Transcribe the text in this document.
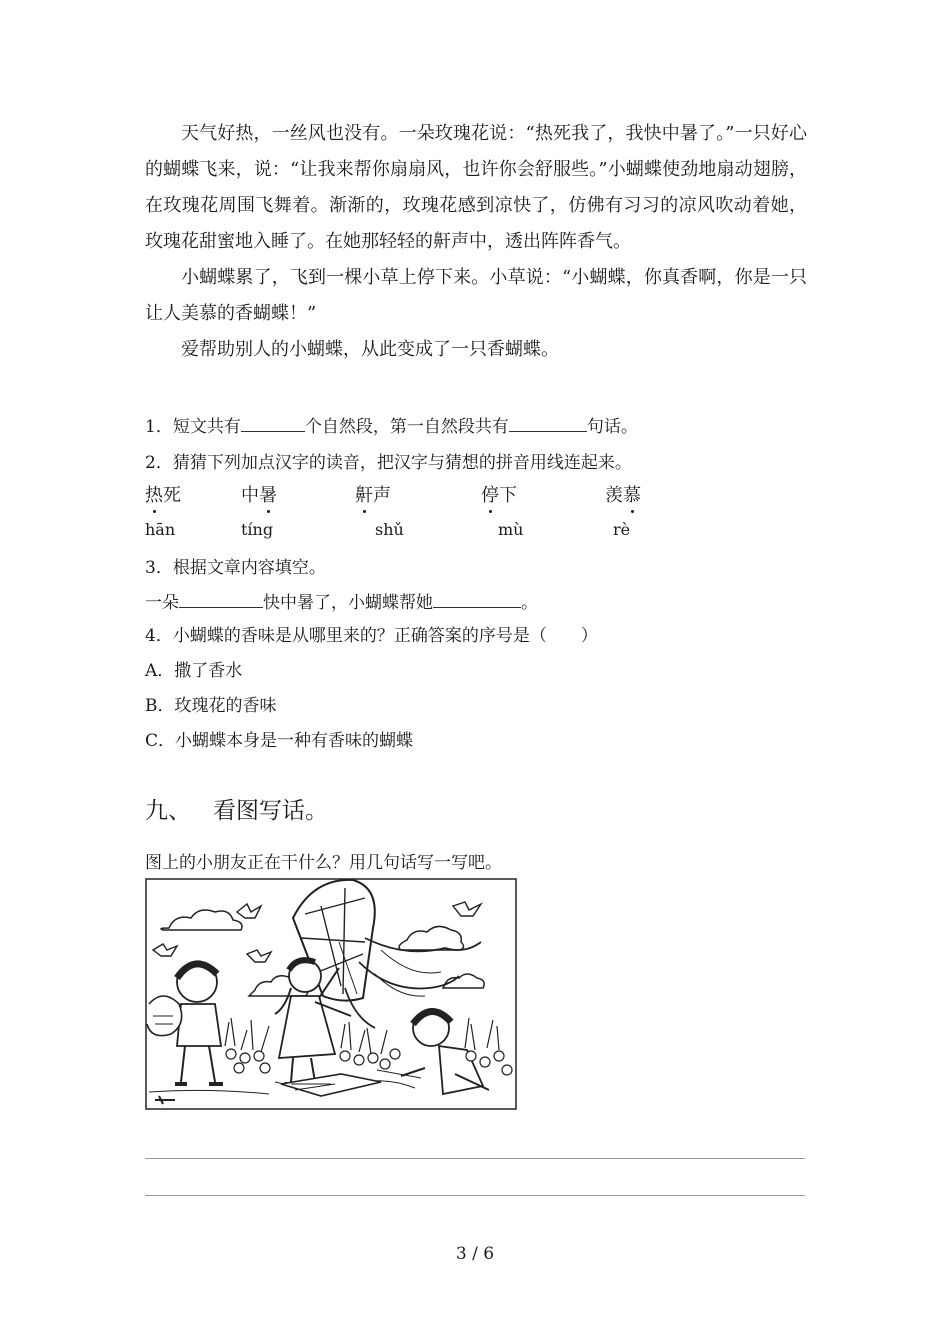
天气好热，一丝风也没有。一朵玫瑰花说：“热死我了，我快中暑了。”一只好心的蝴蝶飞来，说：“让我来帮你扇扇风，也许你会舒服些。”小蝴蝶使劲地扇动翅膀，在玫瑰花周围飞舞着。渐渐的，玫瑰花感到凉快了，仿佛有习习的凉风吹动着她，玫瑰花甜蜜地入睡了。在她那轻轻的鼾声中，透出阵阵香气。

小蝴蝶累了，飞到一棵小草上停下来。小草说：“小蝴蝶，你真香啊，你是一只让人美慕的香蝴蝶！”

爱帮助别人的小蝴蝶，从此变成了一只香蝴蝶。

1．短文共有	个自然段，第一自然段共有	句话。
2．猜猜下列加点汉字的读音，把汉字与猜想的拼音用线连起来。
热死	中暑	鼾声	停下	羡慕
hān	tíng	shǔ	mù	rè
3．根据文章内容填空。
一朵	快中暑了，小蝴蝶帮她	。
4．小蝴蝶的香味是从哪里来的？正确答案的序号是（　　）
A．撒了香水
B．玫瑰花的香味
C．小蝴蝶本身是一种有香味的蝴蝶
九、 看图写话。
图上的小朋友正在干什么？用几句话写一写吧。
3 / 6
